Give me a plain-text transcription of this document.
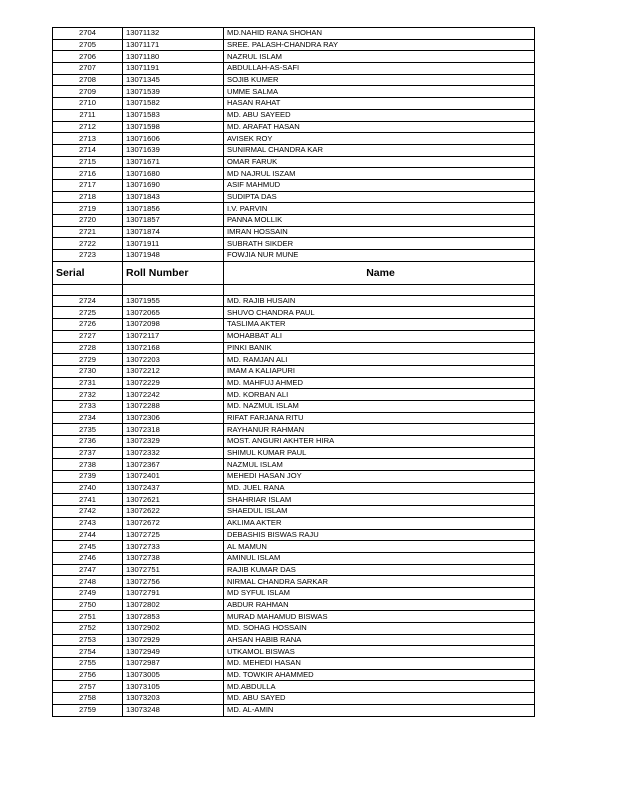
2704	13071132	MD.NAHID RANA SHOHAN
2705	13071171	SREE. PALASH-CHANDRA RAY
2706	13071180	NAZRUL ISLAM
2707	13071191	ABDULLAH-AS-SAFI
2708	13071345	SOJIB KUMER
2709	13071539	UMME SALMA
2710	13071582	HASAN RAHAT
2711	13071583	MD. ABU SAYEED
2712	13071598	MD. ARAFAT HASAN
2713	13071606	AVISEK ROY
2714	13071639	SUNIRMAL CHANDRA KAR
2715	13071671	OMAR FARUK
2716	13071680	MD NAJRUL ISZAM
2717	13071690	ASIF MAHMUD
2718	13071843	SUDIPTA DAS
2719	13071856	I.V. PARVIN
2720	13071857	PANNA MOLLIK
2721	13071874	IMRAN HOSSAIN
2722	13071911	SUBRATH SIKDER
2723	13071948	FOWJIA NUR MUNE
Serial	Roll Number	Name

2724	13071955	MD. RAJIB HUSAIN
2725	13072065	SHUVO CHANDRA PAUL
2726	13072098	TASLIMA AKTER
2727	13072117	MOHABBAT ALI
2728	13072168	PINKI BANIK
2729	13072203	MD. RAMJAN ALI
2730	13072212	IMAM A KALIAPURI
2731	13072229	MD. MAHFUJ AHMED
2732	13072242	MD. KORBAN ALI
2733	13072288	MD. NAZMUL ISLAM
2734	13072306	RIFAT FARJANA RITU
2735	13072318	RAYHANUR RAHMAN
2736	13072329	MOST. ANGURI AKHTER HIRA
2737	13072332	SHIMUL KUMAR PAUL
2738	13072367	NAZMUL ISLAM
2739	13072401	MEHEDI HASAN JOY
2740	13072437	MD. JUEL RANA
2741	13072621	SHAHRIAR ISLAM
2742	13072622	SHAEDUL ISLAM
2743	13072672	AKLIMA AKTER
2744	13072725	DEBASHIS BISWAS RAJU
2745	13072733	AL MAMUN
2746	13072738	AMINUL ISLAM
2747	13072751	RAJIB KUMAR DAS
2748	13072756	NIRMAL CHANDRA SARKAR
2749	13072791	MD SYFUL ISLAM
2750	13072802	ABDUR RAHMAN
2751	13072853	MURAD MAHAMUD BISWAS
2752	13072902	MD. SOHAG HOSSAIN
2753	13072929	AHSAN HABIB RANA
2754	13072949	UTKAMOL BISWAS
2755	13072987	MD. MEHEDI HASAN
2756	13073005	MD. TOWKIR AHAMMED
2757	13073105	MD.ABDULLA
2758	13073203	MD. ABU SAYED
2759	13073248	MD. AL-AMIN
